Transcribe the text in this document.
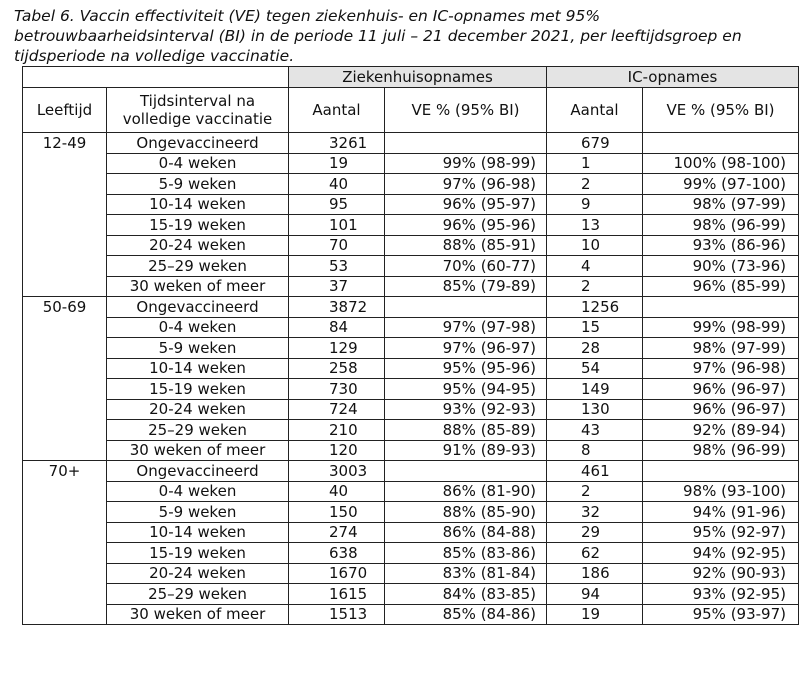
Tabel 6. Vaccin effectiviteit (VE) tegen ziekenhuis- en IC-opnames met 95% betrouwbaarheidsinterval (BI) in de periode 11 juli – 21 december 2021, per leeftijdsgroep en tijdsperiode na volledige vaccinatie.
		Ziekenhuisopnames		IC-opnames	
Leeftijd	Tijdsinterval na volledige vaccinatie	Aantal	VE % (95% BI)	Aantal	VE % (95% BI)
12-49	Ongevaccineerd	3261		679	
	0-4 weken	19	99% (98-99)	1	100% (98-100)
	5-9 weken	40	97% (96-98)	2	99% (97-100)
	10-14 weken	95	96% (95-97)	9	98% (97-99)
	15-19 weken	101	96% (95-96)	13	98% (96-99)
	20-24 weken	70	88% (85-91)	10	93% (86-96)
	25–29 weken	53	70% (60-77)	4	90% (73-96)
	30 weken of meer	37	85% (79-89)	2	96% (85-99)
50-69	Ongevaccineerd	3872		1256	
	0-4 weken	84	97% (97-98)	15	99% (98-99)
	5-9 weken	129	97% (96-97)	28	98% (97-99)
	10-14 weken	258	95% (95-96)	54	97% (96-98)
	15-19 weken	730	95% (94-95)	149	96% (96-97)
	20-24 weken	724	93% (92-93)	130	96% (96-97)
	25–29 weken	210	88% (85-89)	43	92% (89-94)
	30 weken of meer	120	91% (89-93)	8	98% (96-99)
70+	Ongevaccineerd	3003		461	
	0-4 weken	40	86% (81-90)	2	98% (93-100)
	5-9 weken	150	88% (85-90)	32	94% (91-96)
	10-14 weken	274	86% (84-88)	29	95% (92-97)
	15-19 weken	638	85% (83-86)	62	94% (92-95)
	20-24 weken	1670	83% (81-84)	186	92% (90-93)
	25–29 weken	1615	84% (83-85)	94	93% (92-95)
	30 weken of meer	1513	85% (84-86)	19	95% (93-97)
